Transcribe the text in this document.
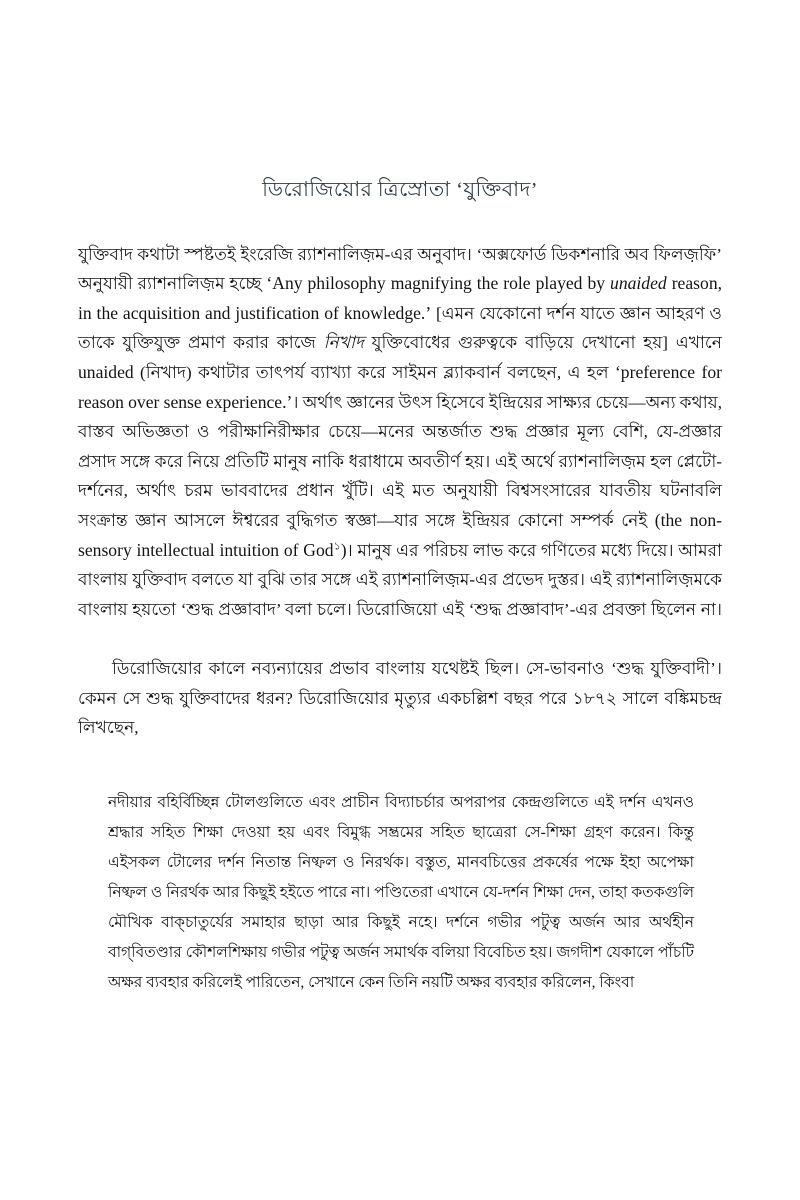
ডিরোজিয়োর ত্রিস্রোতা ‘যুক্তিবাদ’

যুক্তিবাদ কথাটা স্পষ্টতই ইংরেজি র‍্যাশনালিজ়ম-এর অনুবাদ। ‘অক্সফোর্ড ডিকশনারি অব ফিলজ়ফি’ অনুযায়ী র‍্যাশনালিজ়ম হচ্ছে ‘Any philosophy magnifying the role played by unaided reason, in the acquisition and justification of knowledge.’ [এমন যেকোনো দর্শন যাতে জ্ঞান আহরণ ও তাকে যুক্তিযুক্ত প্রমাণ করার কাজে নিখাদ যুক্তিবোধের গুরুত্বকে বাড়িয়ে দেখানো হয়] এখানে unaided (নিখাদ) কথাটার তাৎপর্য ব্যাখ্যা করে সাইমন ব্ল্যাকবার্ন বলছেন, এ হল ‘preference for reason over sense experience.’। অর্থাৎ জ্ঞানের উৎস হিসেবে ইন্দ্রিয়ের সাক্ষ্যর চেয়ে—অন্য কথায়, বাস্তব অভিজ্ঞতা ও পরীক্ষানিরীক্ষার চেয়ে—মনের অন্তর্জাত শুদ্ধ প্রজ্ঞার মূল্য বেশি, যে-প্রজ্ঞার প্রসাদ সঙ্গে করে নিয়ে প্রতিটি মানুষ নাকি ধরাধামে অবতীর্ণ হয়। এই অর্থে র‍্যাশনালিজ়ম হল প্লেটো-দর্শনের, অর্থাৎ চরম ভাববাদের প্রধান খুঁটি। এই মত অনুযায়ী বিশ্বসংসারের যাবতীয় ঘটনাবলি সংক্রান্ত জ্ঞান আসলে ঈশ্বরের বুদ্ধিগত স্বজ্ঞা—যার সঙ্গে ইন্দ্রিয়র কোনো সম্পর্ক নেই (the non-sensory intellectual intuition of God$^১$)। মানুষ এর পরিচয় লাভ করে গণিতের মধ্যে দিয়ে। আমরা বাংলায় যুক্তিবাদ বলতে যা বুঝি তার সঙ্গে এই র‍্যাশনালিজ়ম-এর প্রভেদ দুস্তর। এই র‍্যাশনালিজ়মকে বাংলায় হয়তো ‘শুদ্ধ প্রজ্ঞাবাদ’ বলা চলে। ডিরোজিয়ো এই ‘শুদ্ধ প্রজ্ঞাবাদ’-এর প্রবক্তা ছিলেন না।

ডিরোজিয়োর কালে নব্যন্যায়ের প্রভাব বাংলায় যথেষ্টই ছিল। সে-ভাবনাও ‘শুদ্ধ যুক্তিবাদী’। কেমন সে শুদ্ধ যুক্তিবাদের ধরন? ডিরোজিয়োর মৃত্যুর একচল্লিশ বছর পরে ১৮৭২ সালে বঙ্কিমচন্দ্র লিখছেন,

নদীয়ার বহির্বিচ্ছিন্ন টোলগুলিতে এবং প্রাচীন বিদ্যাচর্চার অপরাপর কেন্দ্রগুলিতে এই দর্শন এখনও শ্রদ্ধার সহিত শিক্ষা দেওয়া হয় এবং বিমুগ্ধ সম্ভ্রমের সহিত ছাত্রেরা সে-শিক্ষা গ্রহণ করেন। কিন্তু এইসকল টোলের দর্শন নিতান্ত নিষ্ফল ও নিরর্থক। বস্তুত, মানবচিত্তের প্রকর্ষের পক্ষে ইহা অপেক্ষা নিষ্ফল ও নিরর্থক আর কিছুই হইতে পারে না। পণ্ডিতেরা এখানে যে-দর্শন শিক্ষা দেন, তাহা কতকগুলি মৌখিক বাক্‌চাতুর্যের সমাহার ছাড়া আর কিছুই নহে। দর্শনে গভীর পটুত্ব অর্জন আর অর্থহীন বাগ্‌বিতণ্ডার কৌশলশিক্ষায় গভীর পটুত্ব অর্জন সমার্থক বলিয়া বিবেচিত হয়। জগদীশ যেকালে পাঁচটি অক্ষর ব্যবহার করিলেই পারিতেন, সেখানে কেন তিনি নয়টি অক্ষর ব্যবহার করিলেন, কিংবা
